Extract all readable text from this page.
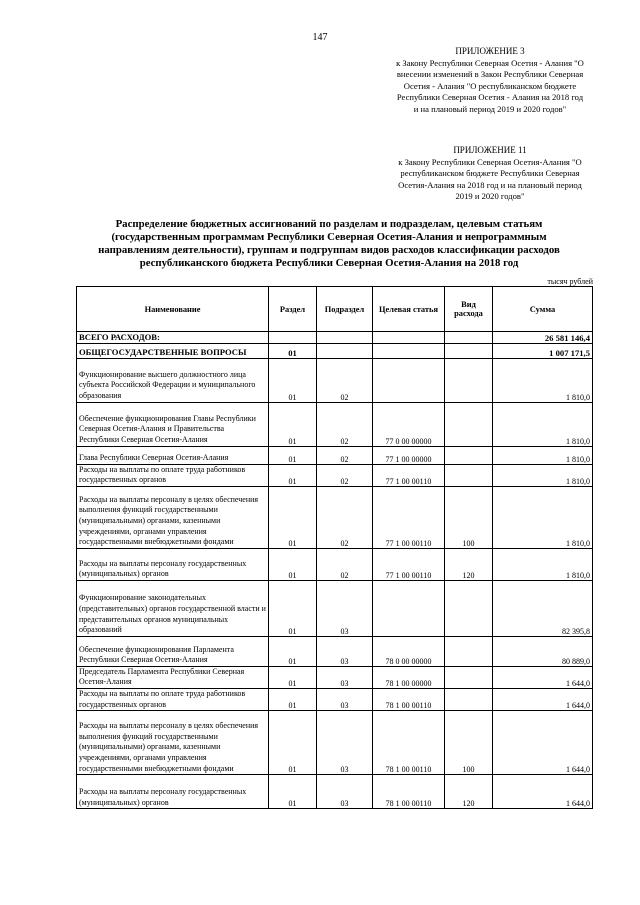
147
ПРИЛОЖЕНИЕ 3
к Закону Республики Северная Осетия - Алания "О
внесении изменений в Закон Республики Северная
Осетия - Алания "О республиканском бюджете
Республики Северная Осетия - Алания на 2018 год
и на плановый период 2019 и 2020 годов"
ПРИЛОЖЕНИЕ 11
к Закону Республики Северная Осетия-Алания "О
республиканском бюджете Республики Северная
Осетия-Алания на 2018 год и на плановый период
2019 и 2020 годов"
Распределение бюджетных ассигнований по разделам и подразделам, целевым статьям
(государственным программам Республики Северная Осетия-Алания и непрограммным
направлениям деятельности), группам и подгруппам видов расходов классификации расходов
республиканского бюджета Республики Северная Осетия-Алания на 2018 год
тысяч рублей
Наименование	Раздел	Подраздел	Целевая статья	Вид расхода	Сумма
ВСЕГО РАСХОДОВ:					26 581 146,4
ОБЩЕГОСУДАРСТВЕННЫЕ ВОПРОСЫ	01				1 007 171,5
Функционирование высшего должностного лица субъекта Российской Федерации и муниципального образования	01	02			1 810,0
Обеспечение функционирования Главы Республики Северная Осетия-Алания и Правительства Республики Северная Осетия-Алания	01	02	77 0 00 00000		1 810,0
Глава Республики Северная Осетия-Алания	01	02	77 1 00 00000		1 810,0
Расходы на выплаты по оплате труда работников государственных органов	01	02	77 1 00 00110		1 810,0
Расходы на выплаты персоналу в целях обеспечения выполнения функций государственными (муниципальными) органами, казенными учреждениями, органами управления государственными внебюджетными фондами	01	02	77 1 00 00110	100	1 810,0
Расходы на выплаты персоналу государственных (муниципальных) органов	01	02	77 1 00 00110	120	1 810,0
Функционирование законодательных (представительных) органов государственной власти и представительных органов муниципальных образований	01	03			82 395,8
Обеспечение функционирования Парламента Республики Северная Осетия-Алания	01	03	78 0 00 00000		80 889,0
Председатель Парламента Республики Северная Осетия-Алания	01	03	78 1 00 00000		1 644,0
Расходы на выплаты по оплате труда работников государственных органов	01	03	78 1 00 00110		1 644,0
Расходы на выплаты персоналу в целях обеспечения выполнения функций государственными (муниципальными) органами, казенными учреждениями, органами управления государственными внебюджетными фондами	01	03	78 1 00 00110	100	1 644,0
Расходы на выплаты персоналу государственных (муниципальных) органов	01	03	78 1 00 00110	120	1 644,0
